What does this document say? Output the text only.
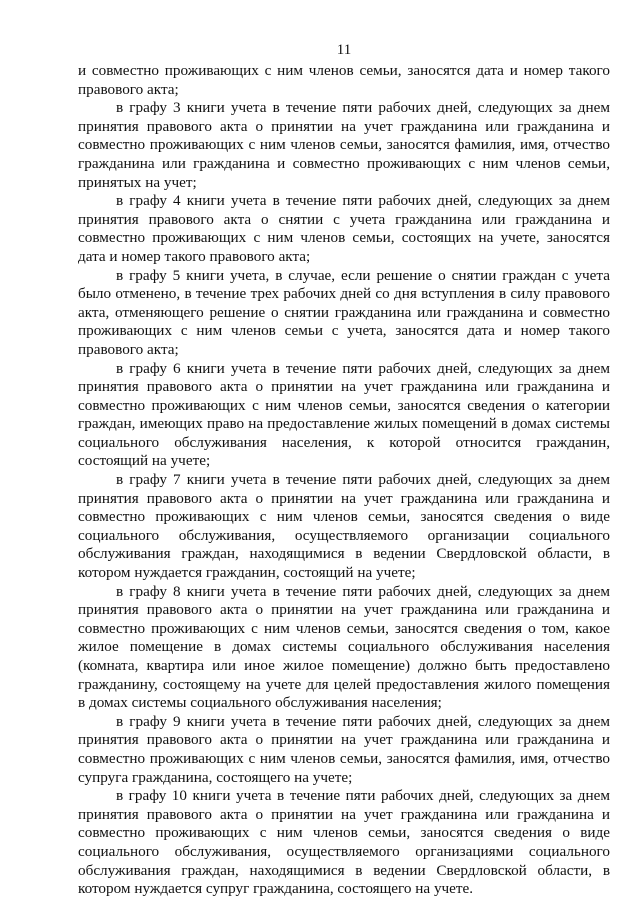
11

и совместно проживающих с ним членов семьи, заносятся дата и номер такого правового акта;

в графу 3 книги учета в течение пяти рабочих дней, следующих за днем принятия правового акта о принятии на учет гражданина или гражданина и совместно проживающих с ним членов семьи, заносятся фамилия, имя, отчество гражданина или гражданина и совместно проживающих с ним членов семьи, принятых на учет;

в графу 4 книги учета в течение пяти рабочих дней, следующих за днем принятия правового акта о снятии с учета гражданина или гражданина и совместно проживающих с ним членов семьи, состоящих на учете, заносятся дата и номер такого правового акта;

в графу 5 книги учета, в случае, если решение о снятии граждан с учета было отменено, в течение трех рабочих дней со дня вступления в силу правового акта, отменяющего решение о снятии гражданина или гражданина и совместно проживающих с ним членов семьи с учета, заносятся дата и номер такого правового акта;

в графу 6 книги учета в течение пяти рабочих дней, следующих за днем принятия правового акта о принятии на учет гражданина или гражданина и совместно проживающих с ним членов семьи, заносятся сведения о категории граждан, имеющих право на предоставление жилых помещений в домах системы социального обслуживания населения, к которой относится гражданин, состоящий на учете;

в графу 7 книги учета в течение пяти рабочих дней, следующих за днем принятия правового акта о принятии на учет гражданина или гражданина и совместно проживающих с ним членов семьи, заносятся сведения о виде социального обслуживания, осуществляемого организации социального обслуживания граждан, находящимися в ведении Свердловской области, в котором нуждается гражданин, состоящий на учете;

в графу 8 книги учета в течение пяти рабочих дней, следующих за днем принятия правового акта о принятии на учет гражданина или гражданина и совместно проживающих с ним членов семьи, заносятся сведения о том, какое жилое помещение в домах системы социального обслуживания населения (комната, квартира или иное жилое помещение) должно быть предоставлено гражданину, состоящему на учете для целей предоставления жилого помещения в домах системы социального обслуживания населения;

в графу 9 книги учета в течение пяти рабочих дней, следующих за днем принятия правового акта о принятии на учет гражданина или гражданина и совместно проживающих с ним членов семьи, заносятся фамилия, имя, отчество супруга гражданина, состоящего на учете;

в графу 10 книги учета в течение пяти рабочих дней, следующих за днем принятия правового акта о принятии на учет гражданина или гражданина и совместно проживающих с ним членов семьи, заносятся сведения о виде социального обслуживания, осуществляемого организациями социального обслуживания граждан, находящимися в ведении Свердловской области, в котором нуждается супруг гражданина, состоящего на учете.
